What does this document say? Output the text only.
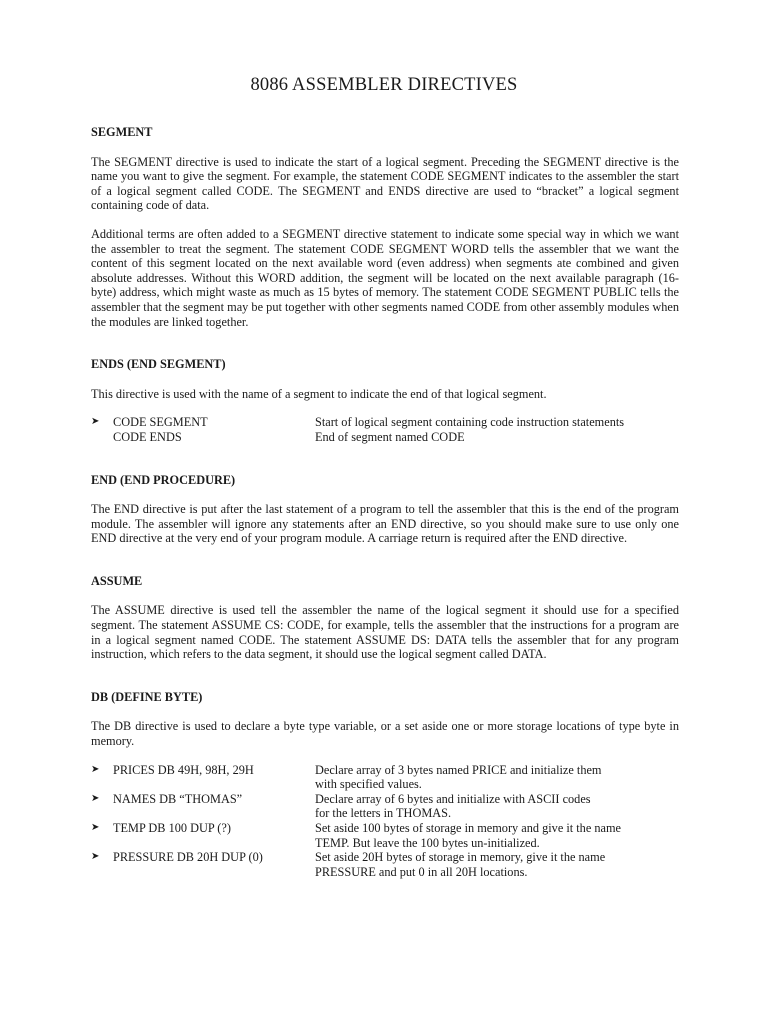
8086 ASSEMBLER DIRECTIVES
SEGMENT

The SEGMENT directive is used to indicate the start of a logical segment. Preceding the SEGMENT directive is the name you want to give the segment. For example, the statement CODE SEGMENT indicates to the assembler the start of a logical segment called CODE. The SEGMENT and ENDS directive are used to “bracket” a logical segment containing code of data.

Additional terms are often added to a SEGMENT directive statement to indicate some special way in which we want the assembler to treat the segment. The statement CODE SEGMENT WORD tells the assembler that we want the content of this segment located on the next available word (even address) when segments ate combined and given absolute addresses. Without this WORD addition, the segment will be located on the next available paragraph (16-byte) address, which might waste as much as 15 bytes of memory. The statement CODE SEGMENT PUBLIC tells the assembler that the segment may be put together with other segments named CODE from other assembly modules when the modules are linked together.

ENDS (END SEGMENT)

This directive is used with the name of a segment to indicate the end of that logical segment.

➤	CODE SEGMENT	Start of logical segment containing code instruction statements
CODE ENDS	End of segment named CODE
END (END PROCEDURE)

The END directive is put after the last statement of a program to tell the assembler that this is the end of the program module. The assembler will ignore any statements after an END directive, so you should make sure to use only one END directive at the very end of your program module. A carriage return is required after the END directive.

ASSUME

The ASSUME directive is used tell the assembler the name of the logical segment it should use for a specified segment. The statement ASSUME CS: CODE, for example, tells the assembler that the instructions for a program are in a logical segment named CODE. The statement ASSUME DS: DATA tells the assembler that for any program instruction, which refers to the data segment, it should use the logical segment called DATA.

DB (DEFINE BYTE)

The DB directive is used to declare a byte type variable, or a set aside one or more storage locations of type byte in memory.

➤	PRICES DB 49H, 98H, 29H	Declare array of 3 bytes named PRICE and initialize them
with specified values.
➤	NAMES DB “THOMAS”	Declare array of 6 bytes and initialize with ASCII codes
for the letters in THOMAS.
➤	TEMP DB 100 DUP (?)	Set aside 100 bytes of storage in memory and give it the name
TEMP. But leave the 100 bytes un-initialized.
➤	PRESSURE DB 20H DUP (0)	Set aside 20H bytes of storage in memory, give it the name
PRESSURE and put 0 in all 20H locations.
